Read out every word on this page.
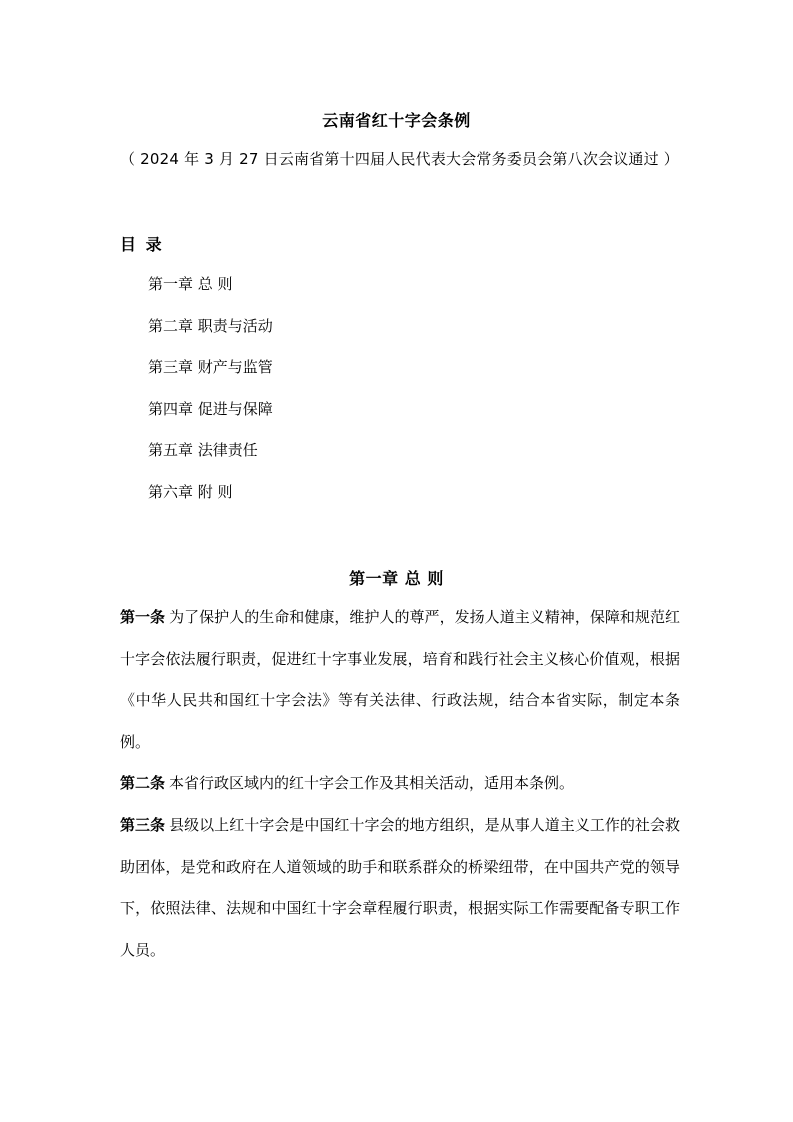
云南省红十字会条例
（ 2024 年 3 月 27 日云南省第十四届人民代表大会常务委员会第八次会议通过 ）
目 录
第一章 总 则
第二章 职责与活动
第三章 财产与监管
第四章 促进与保障
第五章 法律责任
第六章 附 则
第一章 总 则
第一条 为了保护人的生命和健康，维护人的尊严，发扬人道主义精神，保障和规范红十字会依法履行职责，促进红十字事业发展，培育和践行社会主义核心价值观，根据《中华人民共和国红十字会法》等有关法律、行政法规，结合本省实际，制定本条例。
第二条 本省行政区域内的红十字会工作及其相关活动，适用本条例。
第三条 县级以上红十字会是中国红十字会的地方组织，是从事人道主义工作的社会救助团体，是党和政府在人道领域的助手和联系群众的桥梁纽带，在中国共产党的领导下，依照法律、法规和中国红十字会章程履行职责，根据实际工作需要配备专职工作人员。
